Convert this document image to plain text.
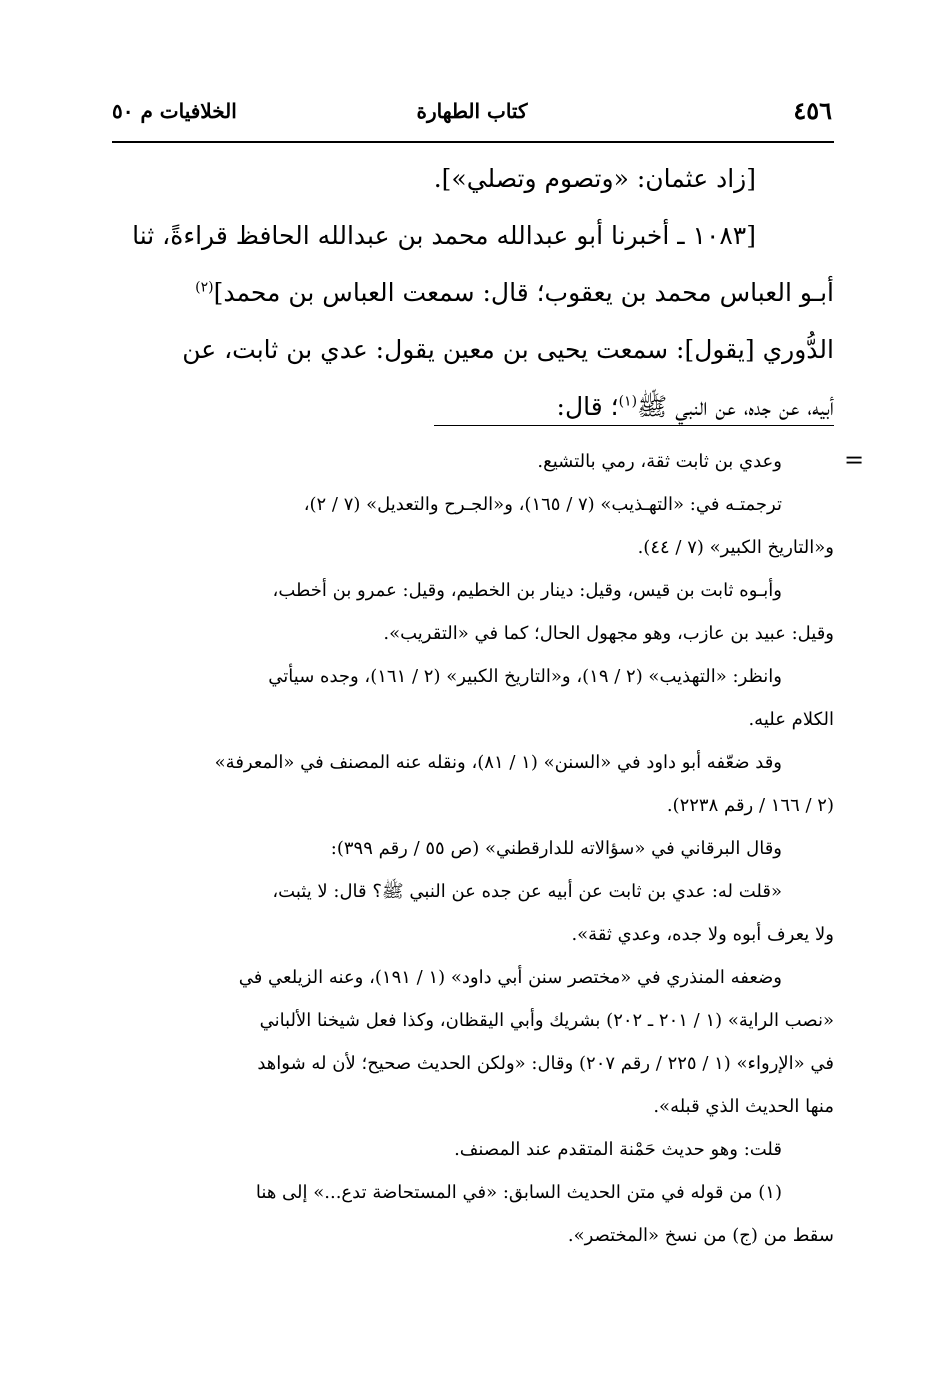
٤٥٦
كتاب الطهارة
الخلافيات م ٥٠

[زاد عثمان: «وتصوم وتصلي»].

[١٠٨٣ ـ أخبرنا أبو عبدالله محمد بن عبدالله الحافظ قراءةً، ثنا

أبـو العباس محمد بن يعقوب؛ قال: سمعت العباس بن محمد]$^{(٢)}$

الدُّوري [يقول]: سمعت يحيى بن معين يقول: عدي بن ثابت، عن

أبيه، عن جده، عن النبي ﷺ$^{(١)}$؛ قال:

=

وعدي بن ثابت ثقة، رمي بالتشيع.

ترجمتـه في: «التهـذيب» (٧ / ١٦٥)، و«الجـرح والتعديل» (٧ / ٢)،

و«التاريخ الكبير» (٧ / ٤٤).

وأبـوه ثابت بن قيس، وقيل: دينار بن الخطيم، وقيل: عمرو بن أخطب،

وقيل: عبيد بن عازب، وهو مجهول الحال؛ كما في «التقريب».

وانظر: «التهذيب» (٢ / ١٩)، و«التاريخ الكبير» (٢ / ١٦١)، وجده سيأتي

الكلام عليه.

وقد ضعّفه أبو داود في «السنن» (١ / ٨١)، ونقله عنه المصنف في «المعرفة»

(٢ / ١٦٦ / رقم ٢٢٣٨).

وقال البرقاني في «سؤالاته للدارقطني» (ص ٥٥ / رقم ٣٩٩):

«قلت له: عدي بن ثابت عن أبيه عن جده عن النبي ﷺ؟ قال: لا يثبت،

ولا يعرف أبوه ولا جده، وعدي ثقة».

وضعفه المنذري في «مختصر سنن أبي داود» (١ / ١٩١)، وعنه الزيلعي في

«نصب الراية» (١ / ٢٠١ ـ ٢٠٢) بشريك وأبي اليقظان، وكذا فعل شيخنا الألباني

في «الإرواء» (١ / ٢٢٥ / رقم ٢٠٧) وقال: «ولكن الحديث صحيح؛ لأن له شواهد

منها الحديث الذي قبله».

قلت: وهو حديث حَمْنة المتقدم عند المصنف.

(١) من قوله في متن الحديث السابق: «في المستحاضة تدع...» إلى هنا

سقط من (ج) من نسخ «المختصر».
